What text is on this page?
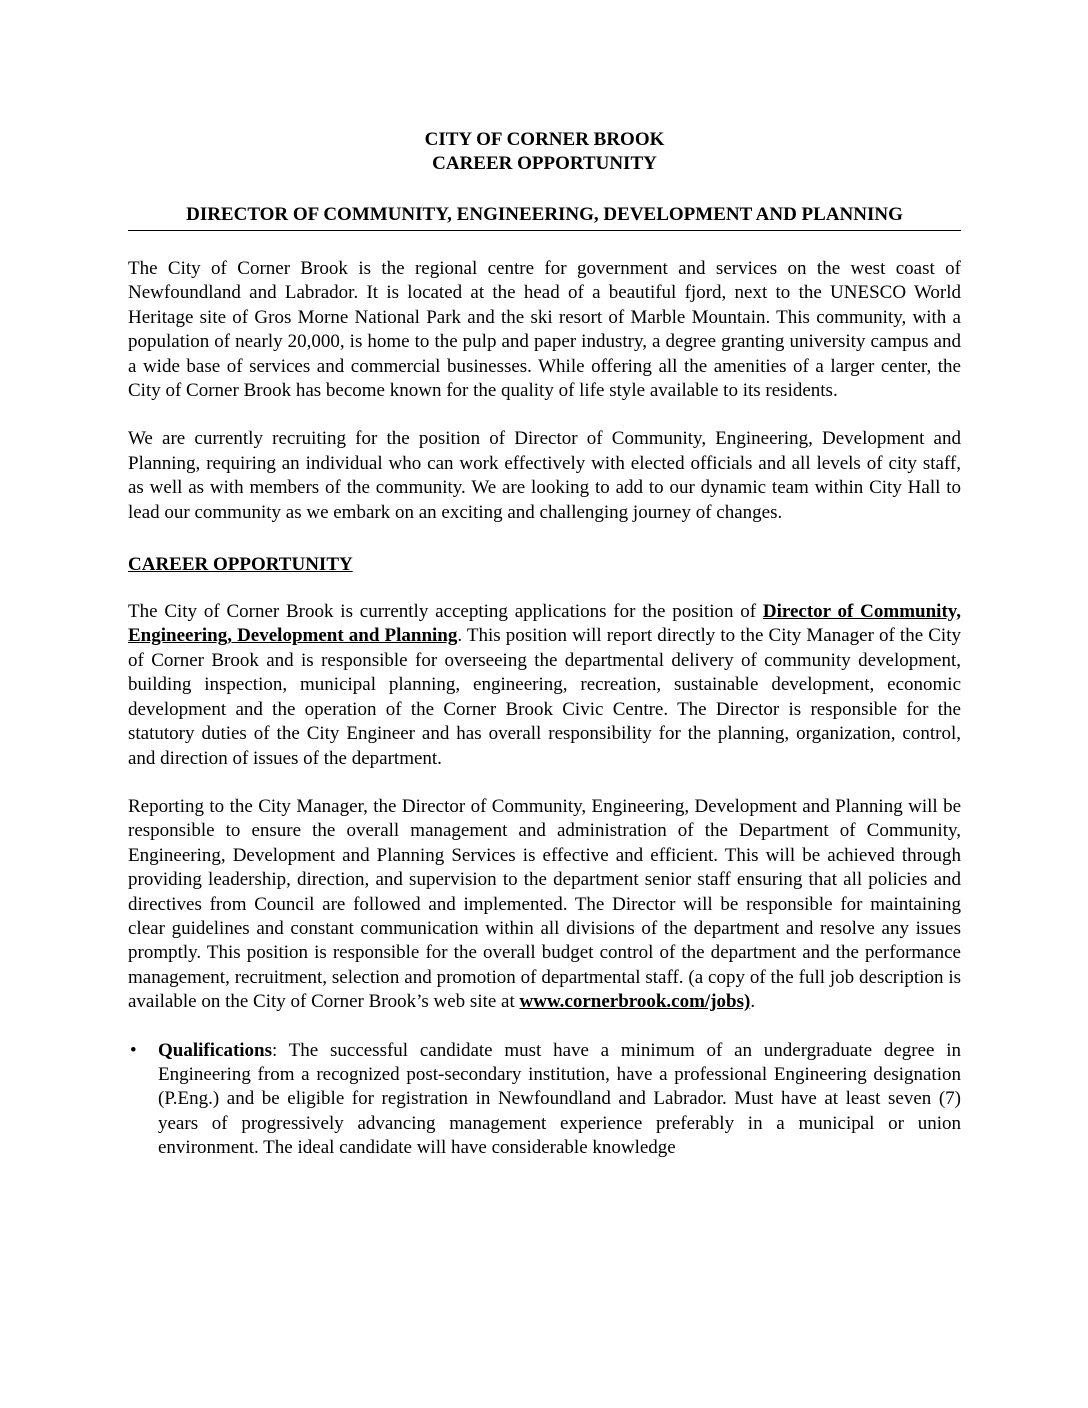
CITY OF CORNER BROOK
CAREER OPPORTUNITY
DIRECTOR OF COMMUNITY, ENGINEERING, DEVELOPMENT AND PLANNING

The City of Corner Brook is the regional centre for government and services on the west coast of Newfoundland and Labrador. It is located at the head of a beautiful fjord, next to the UNESCO World Heritage site of Gros Morne National Park and the ski resort of Marble Mountain. This community, with a population of nearly 20,000, is home to the pulp and paper industry, a degree granting university campus and a wide base of services and commercial businesses. While offering all the amenities of a larger center, the City of Corner Brook has become known for the quality of life style available to its residents.

We are currently recruiting for the position of Director of Community, Engineering, Development and Planning, requiring an individual who can work effectively with elected officials and all levels of city staff, as well as with members of the community. We are looking to add to our dynamic team within City Hall to lead our community as we embark on an exciting and challenging journey of changes.

CAREER OPPORTUNITY

The City of Corner Brook is currently accepting applications for the position of Director of Community, Engineering, Development and Planning. This position will report directly to the City Manager of the City of Corner Brook and is responsible for overseeing the departmental delivery of community development, building inspection, municipal planning, engineering, recreation, sustainable development, economic development and the operation of the Corner Brook Civic Centre. The Director is responsible for the statutory duties of the City Engineer and has overall responsibility for the planning, organization, control, and direction of issues of the department.

Reporting to the City Manager, the Director of Community, Engineering, Development and Planning will be responsible to ensure the overall management and administration of the Department of Community, Engineering, Development and Planning Services is effective and efficient. This will be achieved through providing leadership, direction, and supervision to the department senior staff ensuring that all policies and directives from Council are followed and implemented. The Director will be responsible for maintaining clear guidelines and constant communication within all divisions of the department and resolve any issues promptly. This position is responsible for the overall budget control of the department and the performance management, recruitment, selection and promotion of departmental staff. (a copy of the full job description is available on the City of Corner Brook’s web site at www.cornerbrook.com/jobs).

• Qualifications: The successful candidate must have a minimum of an undergraduate degree in Engineering from a recognized post-secondary institution, have a professional Engineering designation (P.Eng.) and be eligible for registration in Newfoundland and Labrador. Must have at least seven (7) years of progressively advancing management experience preferably in a municipal or union environment. The ideal candidate will have considerable knowledge
